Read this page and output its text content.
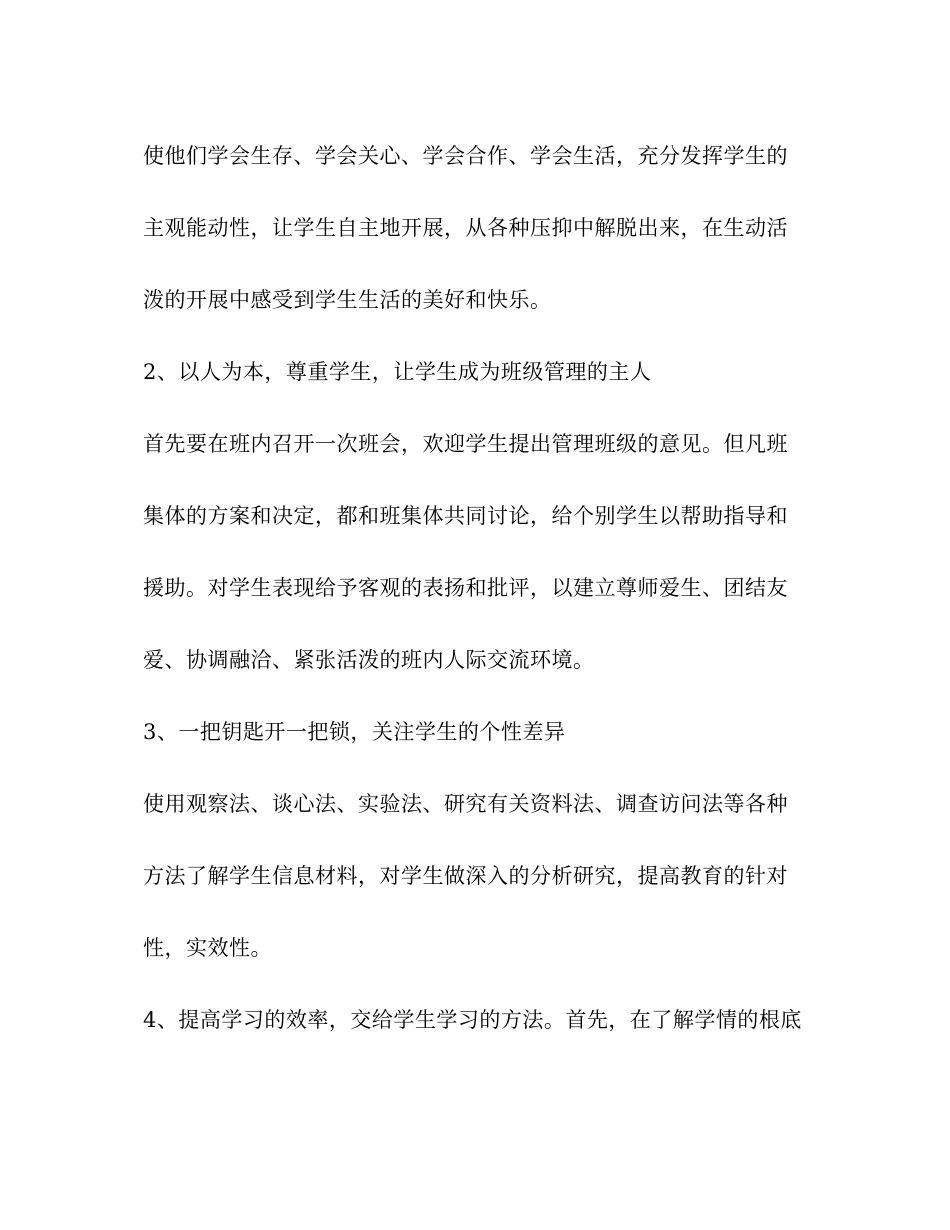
使他们学会生存、学会关心、学会合作、学会生活，充分发挥学生的
主观能动性，让学生自主地开展，从各种压抑中解脱出来，在生动活
泼的开展中感受到学生生活的美好和快乐。
2、以人为本，尊重学生，让学生成为班级管理的主人
首先要在班内召开一次班会，欢迎学生提出管理班级的意见。但凡班
集体的方案和决定，都和班集体共同讨论，给个别学生以帮助指导和
援助。对学生表现给予客观的表扬和批评，以建立尊师爱生、团结友
爱、协调融洽、紧张活泼的班内人际交流环境。
3、一把钥匙开一把锁，关注学生的个性差异
使用观察法、谈心法、实验法、研究有关资料法、调查访问法等各种
方法了解学生信息材料，对学生做深入的分析研究，提高教育的针对
性，实效性。
4、提高学习的效率，交给学生学习的方法。首先，在了解学情的根底
